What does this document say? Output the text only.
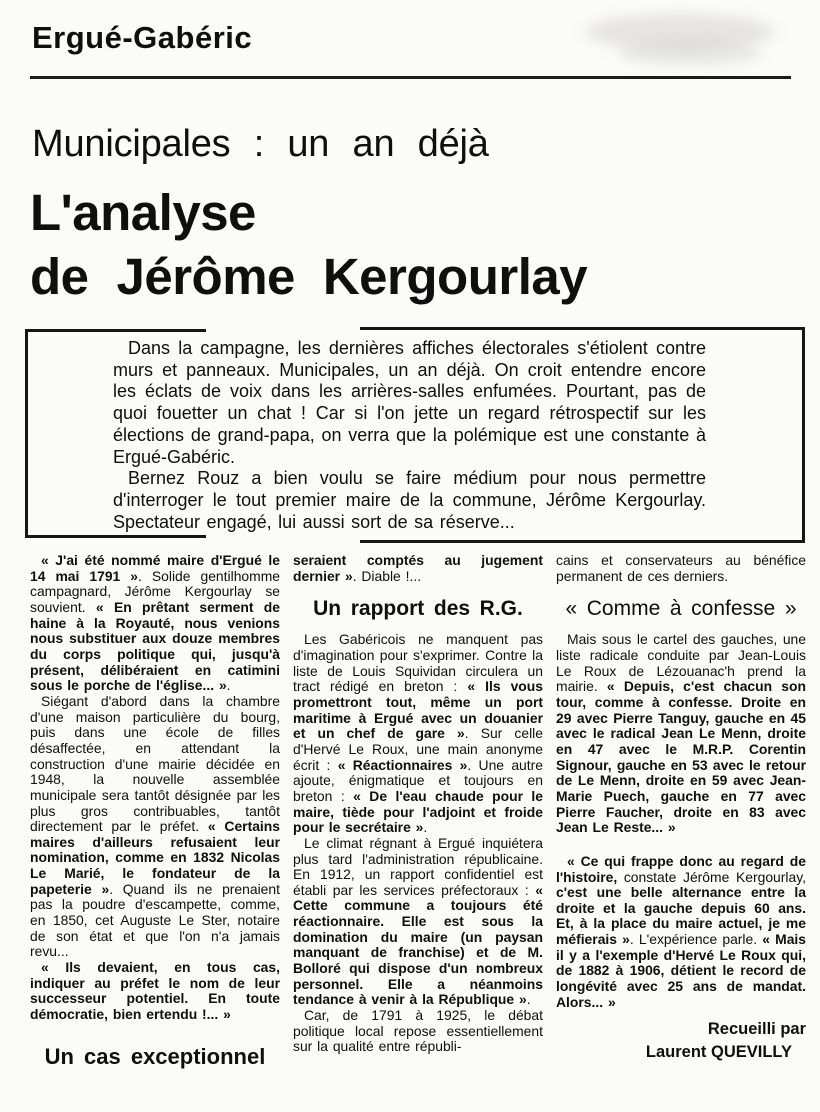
Ergué-Gabéric
Municipales : un an déjà
L'analyse
de Jérôme Kergourlay

Dans la campagne, les dernières affiches électorales s'étiolent contre murs et panneaux. Municipales, un an déjà. On croit entendre encore les éclats de voix dans les arrières-salles enfumées. Pourtant, pas de quoi fouetter un chat ! Car si l'on jette un regard rétrospectif sur les élections de grand-papa, on verra que la polémique est une constante à Ergué-Gabéric.

Bernez Rouz a bien voulu se faire médium pour nous permettre d'interroger le tout premier maire de la commune, Jérôme Kergourlay. Spectateur engagé, lui aussi sort de sa réserve...

« J'ai été nommé maire d'Ergué le 14 mai 1791 ». Solide gentilhomme campagnard, Jérôme Kergourlay se souvient. « En prêtant serment de haine à la Royauté, nous venions nous substituer aux douze membres du corps politique qui, jusqu'à présent, délibéraient en catimini sous le porche de l'église... ».

Siégant d'abord dans la chambre d'une maison particulière du bourg, puis dans une école de filles désaffectée, en attendant la construction d'une mairie décidée en 1948, la nouvelle assemblée municipale sera tantôt désignée par les plus gros contribuables, tantôt directement par le préfet. « Certains maires d'ailleurs refusaient leur nomination, comme en 1832 Nicolas Le Marié, le fondateur de la papeterie ». Quand ils ne prenaient pas la poudre d'escampette, comme, en 1850, cet Auguste Le Ster, notaire de son état et que l'on n'a jamais revu...

« Ils devaient, en tous cas, indiquer au préfet le nom de leur successeur potentiel. En toute démocratie, bien ertendu !... »

Un cas exceptionnel

seraient comptés au jugement dernier ». Diable !...

Un rapport des R.G.

Les Gabéricois ne manquent pas d'imagination pour s'exprimer. Contre la liste de Louis Squividan circulera un tract rédigé en breton : « Ils vous promettront tout, même un port maritime à Ergué avec un douanier et un chef de gare ». Sur celle d'Hervé Le Roux, une main anonyme écrit : « Réactionnaires ». Une autre ajoute, énigmatique et toujours en breton : « De l'eau chaude pour le maire, tiède pour l'adjoint et froide pour le secrétaire ».

Le climat régnant à Ergué inquiétera plus tard l'administration républicaine. En 1912, un rapport confidentiel est établi par les services préfectoraux : « Cette commune a toujours été réactionnaire. Elle est sous la domination du maire (un paysan manquant de franchise) et de M. Bolloré qui dispose d'un nombreux personnel. Elle a néanmoins tendance à venir à la République ».

Car, de 1791 à 1925, le débat politique local repose essentiellement sur la qualité entre républi-

cains et conservateurs au bénéfice permanent de ces derniers.

« Comme à confesse »

Mais sous le cartel des gauches, une liste radicale conduite par Jean-Louis Le Roux de Lézouanac'h prend la mairie. « Depuis, c'est chacun son tour, comme à confesse. Droite en 29 avec Pierre Tanguy, gauche en 45 avec le radical Jean Le Menn, droite en 47 avec le M.R.P. Corentin Signour, gauche en 53 avec le retour de Le Menn, droite en 59 avec Jean-Marie Puech, gauche en 77 avec Pierre Faucher, droite en 83 avec Jean Le Reste... »

« Ce qui frappe donc au regard de l'histoire, constate Jérôme Kergourlay, c'est une belle alternance entre la droite et la gauche depuis 60 ans. Et, à la place du maire actuel, je me méfierais ». L'expérience parle. « Mais il y a l'exemple d'Hervé Le Roux qui, de 1882 à 1906, détient le record de longévité avec 25 ans de mandat. Alors... »

Recueilli par
Laurent QUEVILLY
